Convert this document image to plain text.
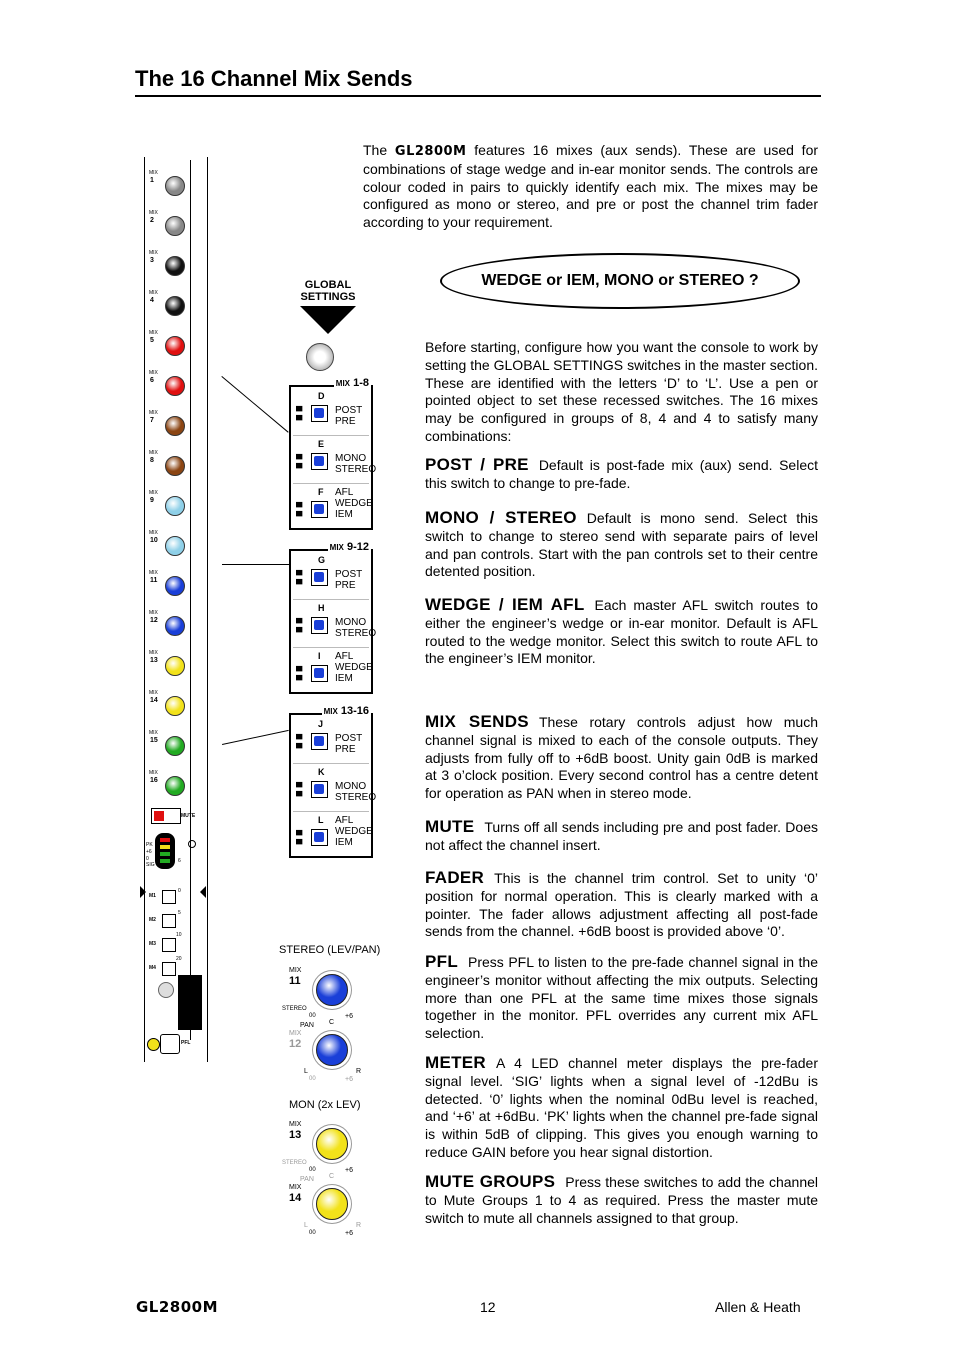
The 16 Channel Mix Sends

The GL2800M features 16 mixes (aux sends). These are used for combinations of stage wedge and in-ear monitor sends. The controls are colour coded in pairs to quickly identify each mix. The mixes may be configured as mono or stereo, and pre or post the channel trim fader according to your requirement.

WEDGE or IEM, MONO or STEREO ?

Before starting, configure how you want the console to work by setting the GLOBAL SETTINGS switches in the master section. These are identified with the letters ‘D’ to ‘L’. Use a pen or pointed object to set these recessed switches. The 16 mixes may be configured in groups of 8, 4 and 4 to satisfy many combinations:

POST / PRE Default is post-fade mix (aux) send. Select this switch to change to pre-fade.

MONO / STEREO Default is mono send. Select this switch to change to stereo send with separate pairs of level and pan controls. Start with the pan controls set to their centre detented position.

WEDGE / IEM AFL Each master AFL switch routes to either the engineer’s wedge or in-ear monitor. Default is AFL routed to the wedge monitor. Select this switch to route AFL to the engineer’s IEM monitor.

MIX SENDS These rotary controls adjust how much channel signal is mixed to each of the console outputs. They adjusts from fully off to +6dB boost. Unity gain 0dB is marked at 3 o’clock position. Every second control has a centre detent for operation as PAN when in stereo mode.

MUTE Turns off all sends including pre and post fader. Does not affect the channel insert.

FADER This is the channel trim control. Set to unity ‘0’ position for normal operation. This is clearly marked with a pointer. The fader allows adjustment affecting all post-fade sends from the channel. +6dB boost is provided above ‘0’.

PFL Press PFL to listen to the pre-fade channel signal in the engineer’s monitor without affecting the mix outputs. Selecting more than one PFL at the same time mixes those signals together in the monitor. PFL overrides any current mix AFL selection.

METER A 4 LED channel meter displays the pre-fader signal level. ‘SIG’ lights when a signal level of -12dBu is detected. ‘0’ lights when the nominal 0dBu level is reached, and ‘+6’ at +6dBu. ‘PK’ lights when the channel pre-fade signal is within 5dB of clipping. This gives you enough warning to reduce GAIN before you hear signal distortion.

MUTE GROUPS Press these switches to add the channel to Mute Groups 1 to 4 as required. Press the master mute switch to mute all channels assigned to that group.

MIX
1
MIX
2
MIX
3
MIX
4
MIX
5
MIX
6
MIX
7
MIX
8
MIX
9
MIX
10
MIX
11
MIX
12
MIX
13
MIX
14
MIX
15
MIX
16
MUTE
PK
+6
0
SIG
M1
M2
M3
M4
6
0
5
10
20
PFL
GLOBAL
SETTINGS
MIX 1-8
D
▀
▀
POST
PRE
E
▀
▀
MONO
STEREO
F
▀
▀
AFL
WEDGE
IEM
MIX 9-12
G
▀
▀
POST
PRE
H
▀
▀
MONO
STEREO
I
▀
▀
AFL
WEDGE
IEM
MIX 13-16
J
▀
▀
POST
PRE
K
▀
▀
MONO
STEREO
L
▀
▀
AFL
WEDGE
IEM
STEREO (LEV/PAN)
MIX
11
STEREO
PAN
00	+6
MIX
12
C
L	R
00	+6
MON (2x LEV)
MIX
13
STEREO
PAN
00	+6
MIX
14
C
L	R
00	+6
GL2800M	12	Allen & Heath
